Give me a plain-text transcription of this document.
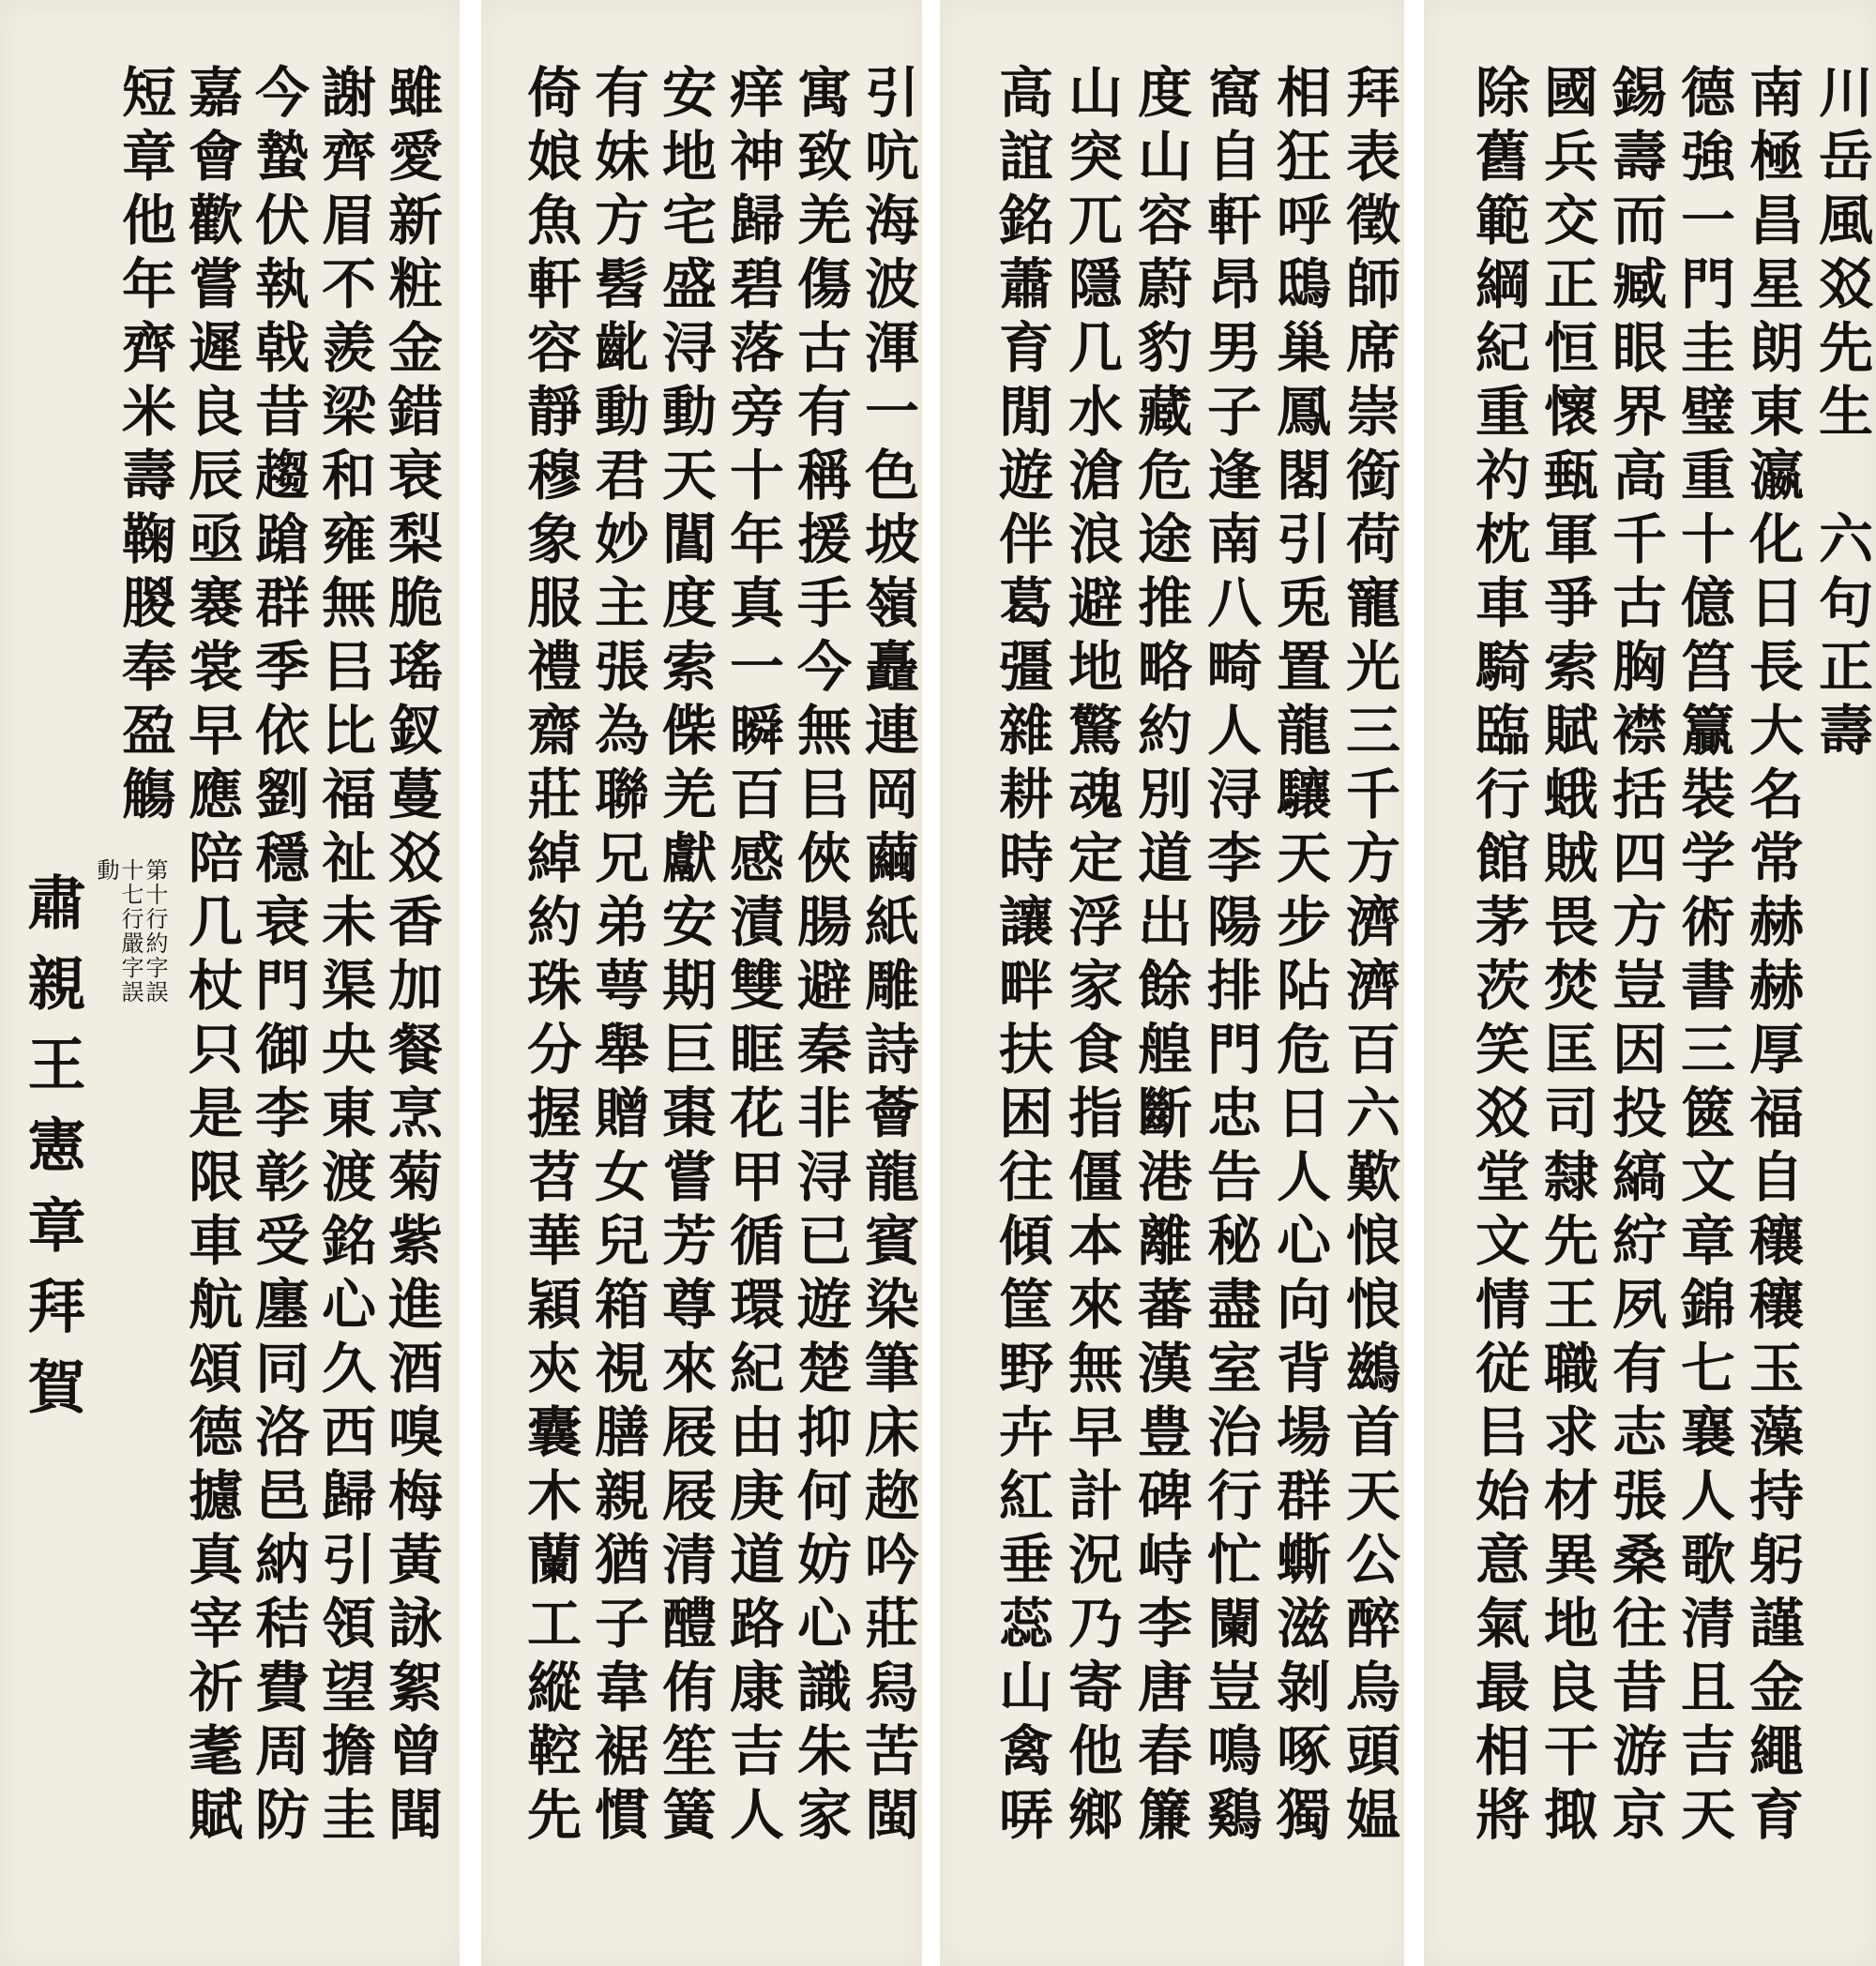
川岳風㸚先生　六句正壽
南極昌星朗東瀛化日長大名常赫赫厚福自穰穰玉藻持躬謹金繩育
德強一門圭璧重十億筥籯裝学術書三篋文章錦七襄人歌清且吉天
錫壽而臧眼界高千古胸襟括四方豈因投縞紵夙有志張桑往昔游京
國兵交正恒懷甀軍爭索賦蛾賊畏焚匡司隸先王職求材異地良干掫
除舊範綱紀重礿枕車騎臨行館茅茨笑㸚堂文情従㠯始意氣最相將
拜表徵師席崇銜荷寵光三千方濟濟百六歎悢悢鷀首天公醉烏頭媪
相狂呼鴟巢鳳閣引兎置龍驤天步阽危日人心向背場群蟖滋剝啄獨
窩自軒昂男子逢南八畸人浔李陽排門忠告秘盡室治行忙闌豈鳴鷄
度山容蔚豹藏危途推略約別道出餘艎斷港離蕃漢豊碑峙李唐春簾
山突兀隱几水滄浪避地驚魂定浮家食指僵本來無早計況乃寄他鄉
高誼銘蕭育閒遊伴葛彊雜耕時讓畔扶困往傾筐野卉紅垂蕊山禽哢
引吭海波渾一色坡嶺矗連岡繭紙雕詩薈龍賓染筆床趂吟莊舄苦閩
寓致羌傷古有稱援手今無㠯俠腸避秦非浔已遊楚抑何妨心識朱家
痒神歸碧落旁十年真一瞬百感漬雙眶花甲循環紀由庚道路康吉人
安地宅盛浔動天閶度索偨羌獻安期巨棗嘗芳尊來屐屐清醴侑笙簧
有妹方髫齔動君妙主張為聯兄弟萼舉贈女兒箱視膳親猶子韋裾慣
倚娘魚軒容靜穆象服禮齋莊綽約珠分握苕華穎㚒囊木蘭工縱鞚先
雖愛新粧金錯衰梨脆瑤釵蔓㸚香加餐烹菊紫進酒嗅梅黃詠絮曾聞
謝齊眉不羨梁和雍無㠯比福祉未渠央東渡銘心久西歸引領望擔圭
今蟄伏執戟昔趨蹌群季依劉穩衰門御李彰受廛同洛邑納秸費周防
嘉會歡嘗遲良辰亟褰裳早應陪几杖只是限車航頌德攄真宰祈耄賦
短章他年齊米壽鞠朡奉盈觴
第十行約字誤十七行嚴字誤動
肅親王憲章拜賀
